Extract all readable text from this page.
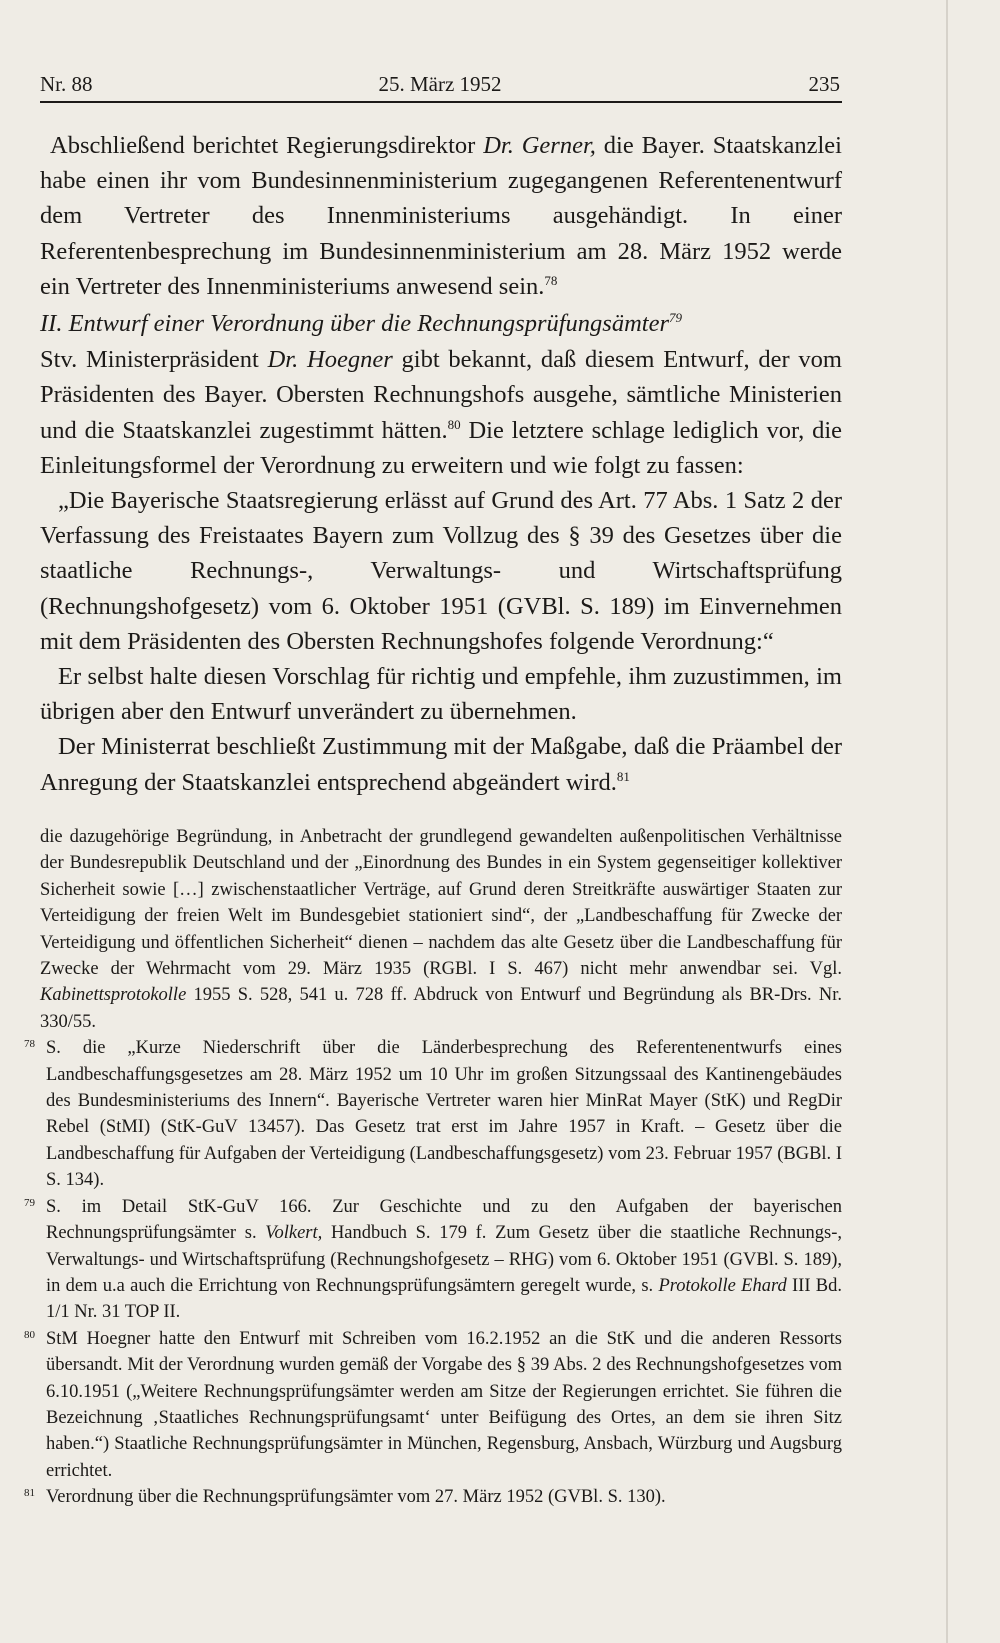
Nr. 88	25. März 1952	235

Abschließend berichtet Regierungsdirektor Dr. Gerner, die Bayer. Staatskanzlei habe einen ihr vom Bundesinnenministerium zugegangenen Referentenentwurf dem Vertreter des Innenministeriums ausgehändigt. In einer Referentenbesprechung im Bundesinnenministerium am 28. März 1952 werde ein Vertreter des Innenministeriums anwesend sein.$^{78}$

II. Entwurf einer Verordnung über die Rechnungsprüfungsämter$^{79}$

Stv. Ministerpräsident Dr. Hoegner gibt bekannt, daß diesem Entwurf, der vom Präsidenten des Bayer. Obersten Rechnungshofs ausgehe, sämtliche Ministerien und die Staatskanzlei zugestimmt hätten.$^{80}$ Die letztere schlage lediglich vor, die Einleitungsformel der Verordnung zu erweitern und wie folgt zu fassen:

„Die Bayerische Staatsregierung erlässt auf Grund des Art. 77 Abs. 1 Satz 2 der Verfassung des Freistaates Bayern zum Vollzug des § 39 des Gesetzes über die staatliche Rechnungs-, Verwaltungs- und Wirtschaftsprüfung (Rechnungshofgesetz) vom 6. Oktober 1951 (GVBl. S. 189) im Einvernehmen mit dem Präsidenten des Obersten Rechnungshofes folgende Verordnung:“

Er selbst halte diesen Vorschlag für richtig und empfehle, ihm zuzustimmen, im übrigen aber den Entwurf unverändert zu übernehmen.

Der Ministerrat beschließt Zustimmung mit der Maßgabe, daß die Präambel der Anregung der Staatskanzlei entsprechend abgeändert wird.$^{81}$

die dazugehörige Begründung, in Anbetracht der grundlegend gewandelten außenpolitischen Verhältnisse der Bundesrepublik Deutschland und der „Einordnung des Bundes in ein System gegenseitiger kollektiver Sicherheit sowie […] zwischenstaatlicher Verträge, auf Grund deren Streitkräfte auswärtiger Staaten zur Verteidigung der freien Welt im Bundesgebiet stationiert sind“, der „Landbeschaffung für Zwecke der Verteidigung und öffentlichen Sicherheit“ dienen – nachdem das alte Gesetz über die Landbeschaffung für Zwecke der Wehrmacht vom 29. März 1935 (RGBl. I S. 467) nicht mehr anwendbar sei. Vgl. Kabinettsprotokolle 1955 S. 528, 541 u. 728 ff. Abdruck von Entwurf und Begründung als BR-Drs. Nr. 330/55.

78 S. die „Kurze Niederschrift über die Länderbesprechung des Referentenentwurfs eines Landbeschaffungsgesetzes am 28. März 1952 um 10 Uhr im großen Sitzungssaal des Kantinengebäudes des Bundesministeriums des Innern“. Bayerische Vertreter waren hier MinRat Mayer (StK) und RegDir Rebel (StMI) (StK-GuV 13457). Das Gesetz trat erst im Jahre 1957 in Kraft. – Gesetz über die Landbeschaffung für Aufgaben der Verteidigung (Landbeschaffungsgesetz) vom 23. Februar 1957 (BGBl. I S. 134).

79 S. im Detail StK-GuV 166. Zur Geschichte und zu den Aufgaben der bayerischen Rechnungsprüfungsämter s. Volkert, Handbuch S. 179 f. Zum Gesetz über die staatliche Rechnungs-, Verwaltungs- und Wirtschaftsprüfung (Rechnungshofgesetz – RHG) vom 6. Oktober 1951 (GVBl. S. 189), in dem u.a auch die Errichtung von Rechnungsprüfungsämtern geregelt wurde, s. Protokolle Ehard III Bd. 1/1 Nr. 31 TOP II.

80 StM Hoegner hatte den Entwurf mit Schreiben vom 16.2.1952 an die StK und die anderen Ressorts übersandt. Mit der Verordnung wurden gemäß der Vorgabe des § 39 Abs. 2 des Rechnungshofgesetzes vom 6.10.1951 („Weitere Rechnungsprüfungsämter werden am Sitze der Regierungen errichtet. Sie führen die Bezeichnung ‚Staatliches Rechnungsprüfungsamt‘ unter Beifügung des Ortes, an dem sie ihren Sitz haben.“) Staatliche Rechnungsprüfungsämter in München, Regensburg, Ansbach, Würzburg und Augsburg errichtet.

81 Verordnung über die Rechnungsprüfungsämter vom 27. März 1952 (GVBl. S. 130).
